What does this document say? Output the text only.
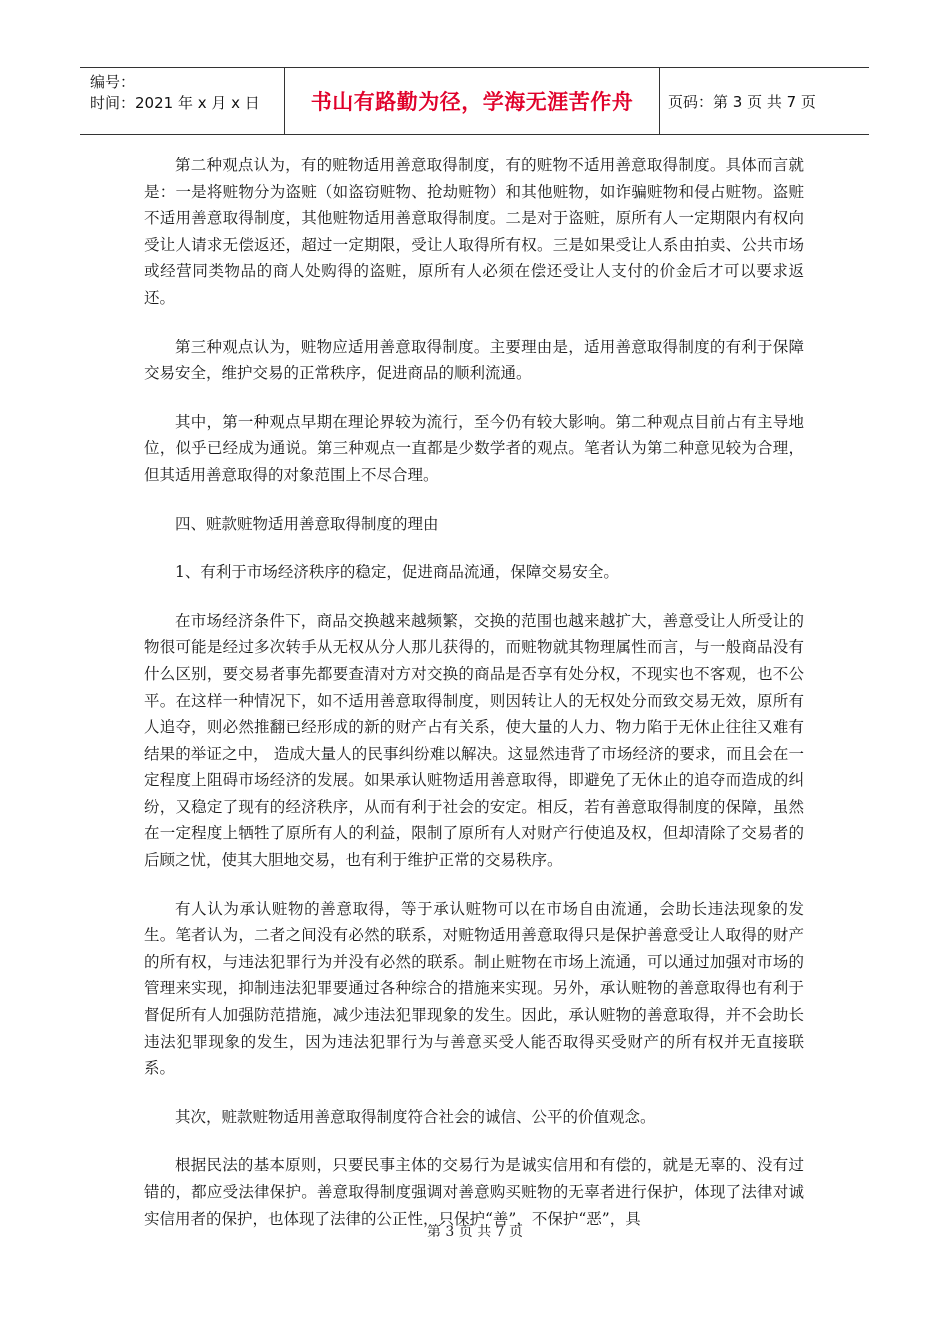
编号：
时间：2021 年 x 月 x 日	书山有路勤为径，学海无涯苦作舟 页码：第 3 页 共 7 页

第二种观点认为，有的赃物适用善意取得制度，有的赃物不适用善意取得制度。具体而言就是：一是将赃物分为盗赃（如盗窃赃物、抢劫赃物）和其他赃物，如诈骗赃物和侵占赃物。盗赃不适用善意取得制度，其他赃物适用善意取得制度。二是对于盗赃，原所有人一定期限内有权向受让人请求无偿返还，超过一定期限，受让人取得所有权。三是如果受让人系由拍卖、公共市场或经营同类物品的商人处购得的盗赃，原所有人必须在偿还受让人支付的价金后才可以要求返还。

第三种观点认为，赃物应适用善意取得制度。主要理由是，适用善意取得制度的有利于保障交易安全，维护交易的正常秩序，促进商品的顺利流通。

其中，第一种观点早期在理论界较为流行，至今仍有较大影响。第二种观点目前占有主导地位，似乎已经成为通说。第三种观点一直都是少数学者的观点。笔者认为第二种意见较为合理，但其适用善意取得的对象范围上不尽合理。

四、赃款赃物适用善意取得制度的理由

1、有利于市场经济秩序的稳定，促进商品流通，保障交易安全。

在市场经济条件下，商品交换越来越频繁，交换的范围也越来越扩大，善意受让人所受让的物很可能是经过多次转手从无权从分人那儿获得的，而赃物就其物理属性而言，与一般商品没有什么区别，要交易者事先都要查清对方对交换的商品是否享有处分权，不现实也不客观，也不公平。在这样一种情况下，如不适用善意取得制度，则因转让人的无权处分而致交易无效，原所有人追夺，则必然推翻已经形成的新的财产占有关系，使大量的人力、物力陷于无休止往往又难有结果的举证之中， 造成大量人的民事纠纷难以解决。这显然违背了市场经济的要求，而且会在一定程度上阻碍市场经济的发展。如果承认赃物适用善意取得，即避免了无休止的追夺而造成的纠纷，又稳定了现有的经济秩序，从而有利于社会的安定。相反，若有善意取得制度的保障，虽然在一定程度上牺牲了原所有人的利益，限制了原所有人对财产行使追及权，但却清除了交易者的后顾之忧，使其大胆地交易，也有利于维护正常的交易秩序。

有人认为承认赃物的善意取得，等于承认赃物可以在市场自由流通，会助长违法现象的发生。笔者认为，二者之间没有必然的联系，对赃物适用善意取得只是保护善意受让人取得的财产的所有权，与违法犯罪行为并没有必然的联系。制止赃物在市场上流通，可以通过加强对市场的管理来实现，抑制违法犯罪要通过各种综合的措施来实现。另外，承认赃物的善意取得也有利于督促所有人加强防范措施，减少违法犯罪现象的发生。因此，承认赃物的善意取得，并不会助长违法犯罪现象的发生，因为违法犯罪行为与善意买受人能否取得买受财产的所有权并无直接联系。

其次，赃款赃物适用善意取得制度符合社会的诚信、公平的价值观念。

根据民法的基本原则，只要民事主体的交易行为是诚实信用和有偿的，就是无辜的、没有过错的，都应受法律保护。善意取得制度强调对善意购买赃物的无辜者进行保护，体现了法律对诚实信用者的保护，也体现了法律的公正性，只保护“善”，不保护“恶”，具

第 3 页 共 7 页
